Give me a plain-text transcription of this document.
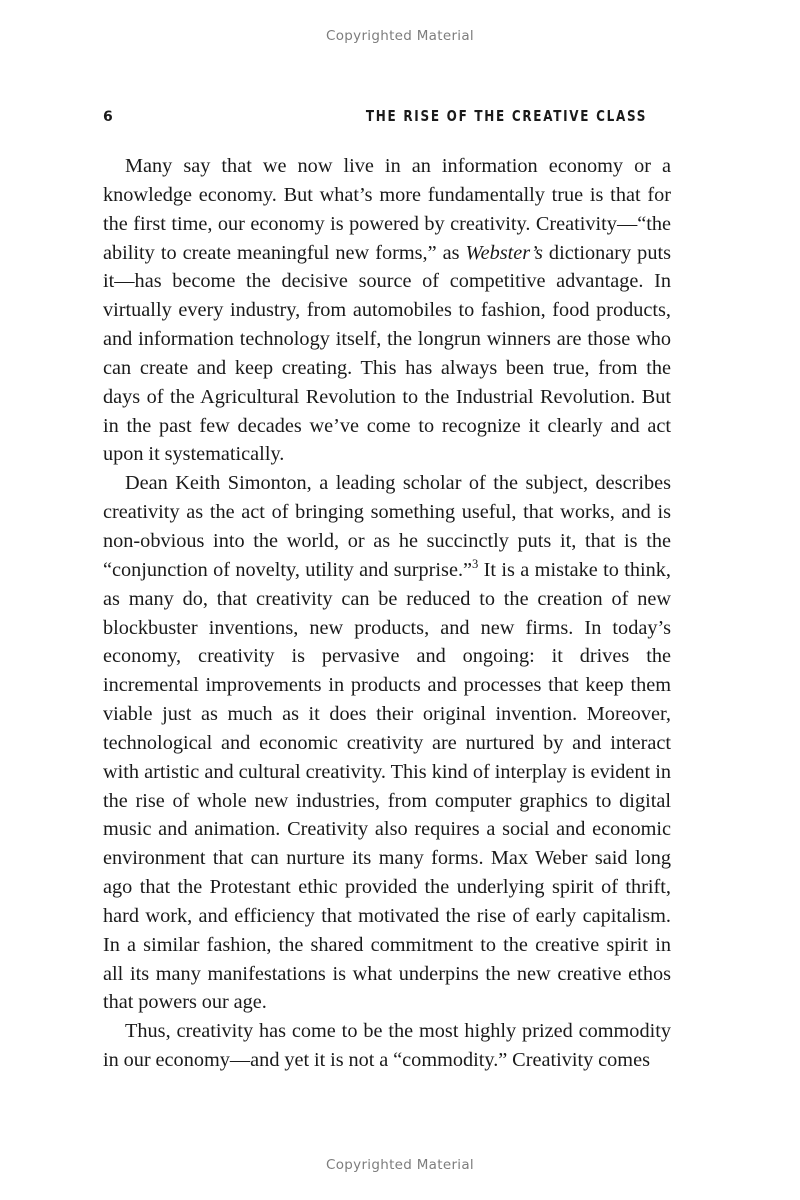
Copyrighted Material
6	THE RISE OF THE CREATIVE CLASS

Many say that we now live in an information economy or a knowledge economy. But what’s more fundamentally true is that for the first time, our economy is powered by creativity. Creativity—“the ability to create meaningful new forms,” as Webster’s dictionary puts it—has become the decisive source of competitive advantage. In virtually every industry, from automobiles to fashion, food products, and information technology itself, the longrun winners are those who can create and keep creating. This has always been true, from the days of the Agricultural Revolution to the Industrial Revolution. But in the past few decades we’ve come to recognize it clearly and act upon it systematically.

Dean Keith Simonton, a leading scholar of the subject, describes creativity as the act of bringing something useful, that works, and is non-obvious into the world, or as he succinctly puts it, that is the “conjunction of novelty, utility and surprise.”$^3$ It is a mistake to think, as many do, that creativity can be reduced to the creation of new blockbuster inventions, new products, and new firms. In today’s economy, creativity is pervasive and ongoing: it drives the incremental improvements in products and processes that keep them viable just as much as it does their original invention. Moreover, technological and economic creativity are nurtured by and interact with artistic and cultural creativity. This kind of interplay is evident in the rise of whole new industries, from computer graphics to digital music and animation. Creativity also requires a social and economic environment that can nurture its many forms. Max Weber said long ago that the Protestant ethic provided the underlying spirit of thrift, hard work, and efficiency that motivated the rise of early capitalism. In a similar fashion, the shared commitment to the creative spirit in all its many manifestations is what underpins the new creative ethos that powers our age.

Thus, creativity has come to be the most highly prized commodity in our economy—and yet it is not a “commodity.” Creativity comes

Copyrighted Material
